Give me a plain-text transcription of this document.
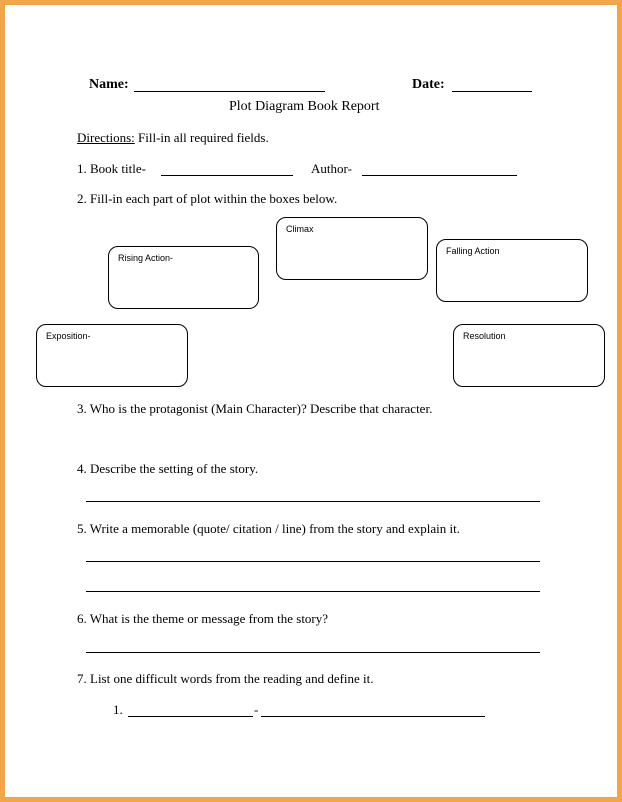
Name:	Date:
Plot Diagram Book Report
Directions: Fill-in all required fields.
1. Book title-	Author-
2. Fill-in each part of plot within the boxes below.
Climax
Rising Action-
Falling Action
Exposition-	Resolution
3. Who is the protagonist (Main Character)? Describe that character.
4. Describe the setting of the story.
5. Write a memorable (quote/ citation / line) from the story and explain it.
6. What is the theme or message from the story?
7. List one difficult words from the reading and define it.
1.	-
